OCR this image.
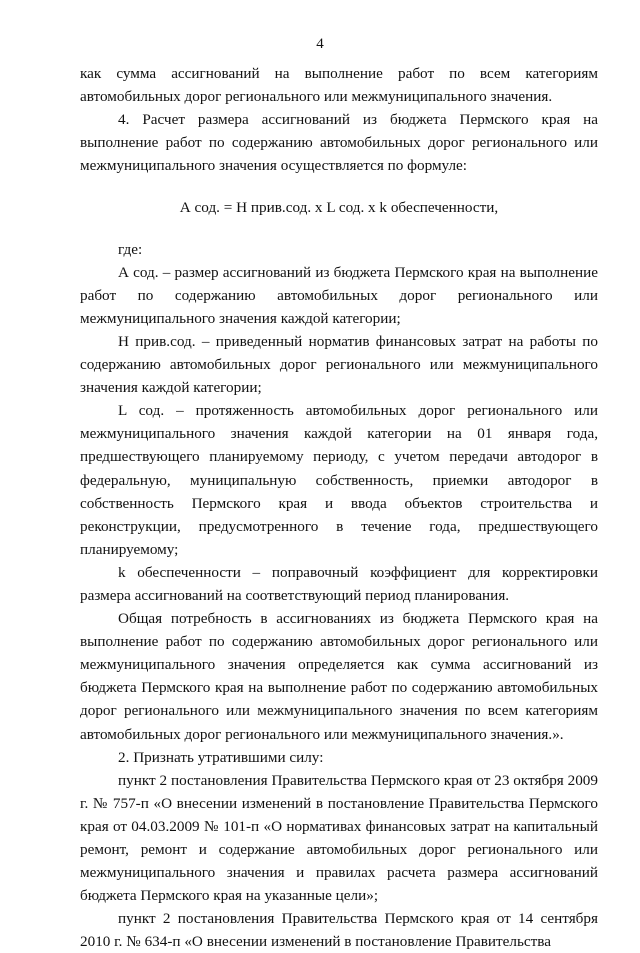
4

как сумма ассигнований на выполнение работ по всем категориям автомобильных дорог регионального или межмуниципального значения.

4. Расчет размера ассигнований из бюджета Пермского края на выполнение работ по содержанию автомобильных дорог регионального или межмуниципального значения осуществляется по формуле:

А сод. = Н прив.сод. х L сод. х k обеспеченности,

где:

А сод. – размер ассигнований из бюджета Пермского края на выполнение работ по содержанию автомобильных дорог регионального или межмуниципального значения каждой категории;

Н прив.сод. – приведенный норматив финансовых затрат на работы по содержанию автомобильных дорог регионального или межмуниципального значения каждой категории;

L сод. – протяженность автомобильных дорог регионального или межмуниципального значения каждой категории на 01 января года, предшествующего планируемому периоду, с учетом передачи автодорог в федеральную, муниципальную собственность, приемки автодорог в собственность Пермского края и ввода объектов строительства и реконструкции, предусмотренного в течение года, предшествующего планируемому;

k обеспеченности – поправочный коэффициент для корректировки размера ассигнований на соответствующий период планирования.

Общая потребность в ассигнованиях из бюджета Пермского края на выполнение работ по содержанию автомобильных дорог регионального или межмуниципального значения определяется как сумма ассигнований из бюджета Пермского края на выполнение работ по содержанию автомобильных дорог регионального или межмуниципального значения по всем категориям автомобильных дорог регионального или межмуниципального значения.».

2. Признать утратившими силу:

пункт 2 постановления Правительства Пермского края от 23 октября 2009 г. № 757-п «О внесении изменений в постановление Правительства Пермского края от 04.03.2009 № 101-п «О нормативах финансовых затрат на капитальный ремонт, ремонт и содержание автомобильных дорог регионального или межмуниципального значения и правилах расчета размера ассигнований бюджета Пермского края на указанные цели»;

пункт 2 постановления Правительства Пермского края от 14 сентября 2010 г. № 634-п «О внесении изменений в постановление Правительства
